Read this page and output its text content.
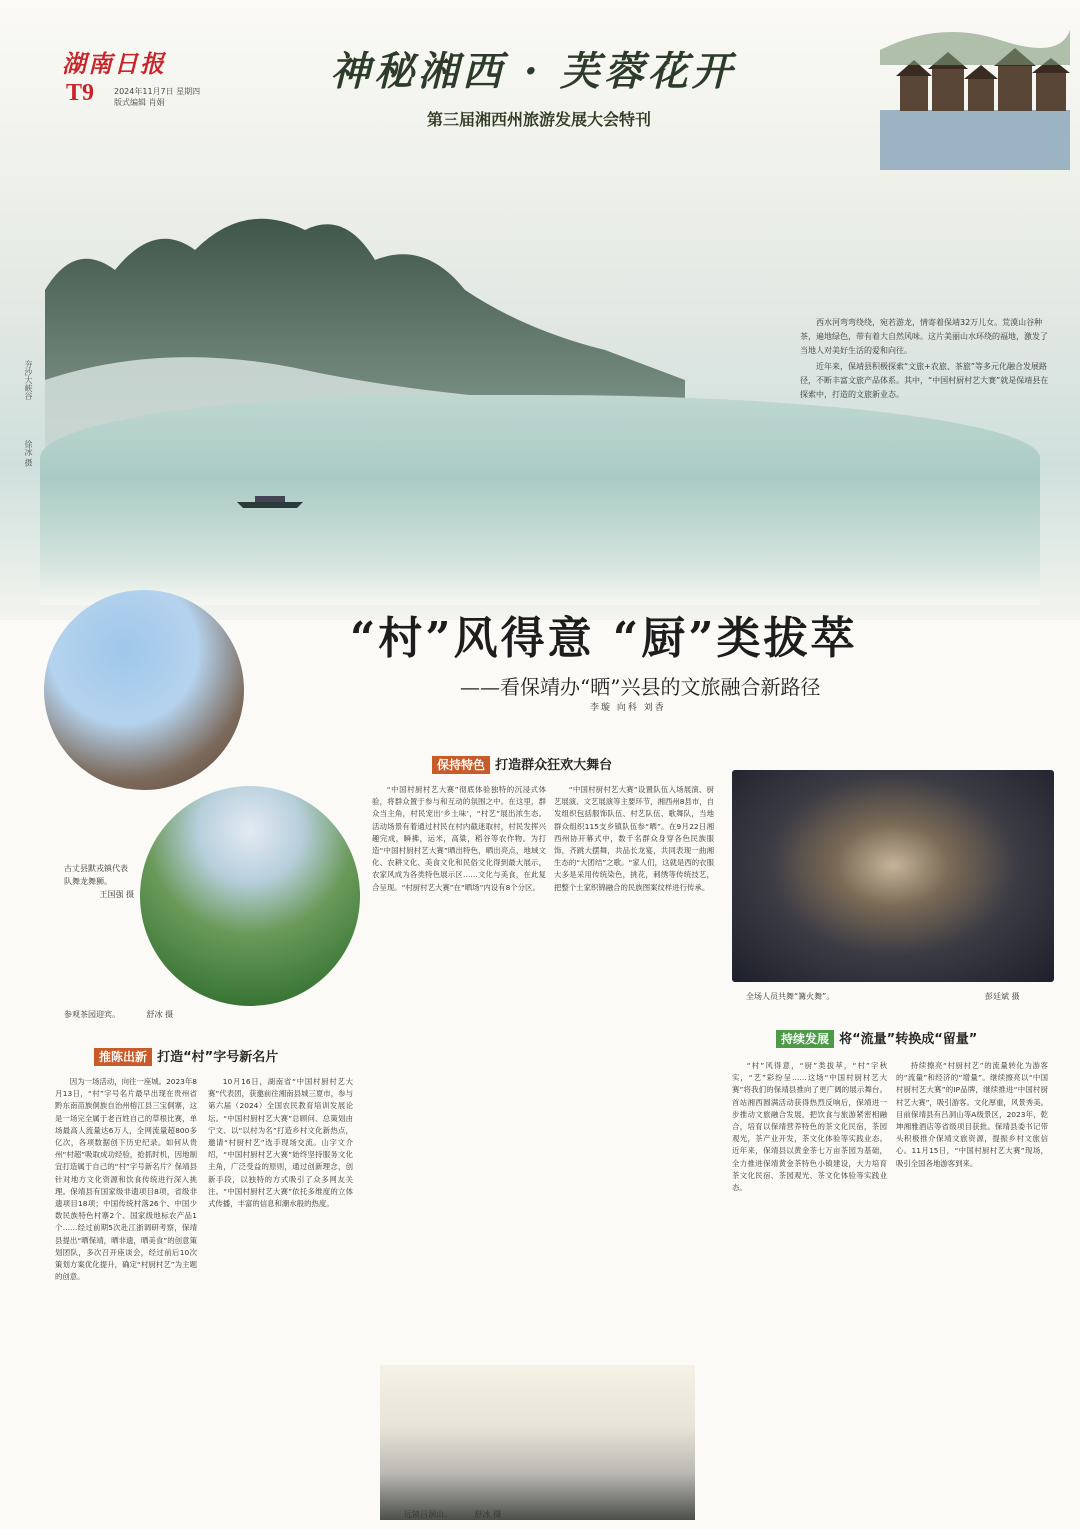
湖南日报
T9 2024年11月7日 星期四
版式编辑 肖娟
神秘湘西 · 芙蓉花开
第三届湘西州旅游发展大会特刊
夯沙大峡谷
徐冰 摄

西水河弯弯绕绕，宛若游龙，情寄着保靖32万儿女。荒漠山谷种茶，遍地绿色，带有着大自然风味。这片美丽山水环绕的福地，激发了当地人对美好生活的爱和向往。

近年来，保靖县积极探索“文旅+农旅、茶旅”等多元化融合发展路径，不断丰富文旅产品体系。其中，“中国村厨村艺大赛”就是保靖县在探索中，打造的文旅新业态。

“村”风得意 “厨”类拔萃
——看保靖办“晒”兴县的文旅融合新路径
李璇 向科 刘香
古丈县默戎镇代表队舞龙舞狮。
王国强 摄
参观茶园迎宾。	舒冰 摄
推陈出新 打造“村”字号新名片

因为一场活动，向往一座城。2023年8月13日，“村”字号名片最早出现在贵州省黔东南苗族侗族自治州榕江县三宝侗寨，这是一场完全属于老百姓自己的草根比赛，单场最高人流量达6万人，全网流量超800多亿次，各项数据创下历史纪录。如何从贵州“村超”吸取成功经验，抢抓时机，因地制宜打造属于自己的“村”字号新名片？保靖县针对地方文化资源和饮食传统进行深入挑理。保靖县有国家级非遗项目8项，省级非遗项目18项；中国传统村落26个、中国少数民族特色村寨2个、国家级地标农产品1个……经过前期5次赴江浙调研考察，保靖县提出“晒保靖，晒非遗，晒美食”的创意策划团队，多次召开座谈会，经过前后10次策划方案优化提升，确定“村厨村艺”为主题的创意。

10月16日，湖南省“中国村厨村艺大赛”代表团，获邀前往湘南县城三夏市，参与第六届（2024）全国农民教育培训发展论坛。“中国村厨村艺大赛”总顾问、总策划由宁文、以“以村为名”打造乡村文化新热点，邀请“村厨村艺”选手现场交流。山字文介绍，“中国村厨村艺大赛”始终坚持服务文化主角，广泛受益的原则，通过创新理念，创新手段，以独特的方式吸引了众多网友关注。“中国村厨村艺大赛”依托多维度的立体式传播，丰富的信息和潮水般的热度。

保持特色 打造群众狂欢大舞台

“中国村厨村艺大赛”彻底体验独特的沉浸式体验，将群众置于参与和互动的氛围之中。在这里，群众当主角，村民宠出‘乡土味’，“村艺”展出浓生态。活动场景有着通过村民在村内截迷取村，村民发挥兴趣完成，瞬拂，运米，高粱，稻谷等农作物。为打造“中国村厨村艺大赛”晒出特色，晒出亮点，地域文化、农耕文化、美食文化和民俗文化得到最大展示，农家风成为各类特色展示区……文化与美食，在此复合呈现。“村厨村艺大赛”在“晒场”内设有8个分区。

“中国村厨村艺大赛”设置队伍入场展演、厨艺展演、文艺展演等主要环节，湘西州8县市，自发组织包括服饰队伍、村艺队伍、歌舞队，当地群众组织115支乡镇队伍参“晒”。在9月22日湘西州协开幕式中，数千名群众身穿各色民族服饰，齐跳大摆舞，共品长龙宴，共同表现一曲湘生态的“大团结”之歌。“家人们，这就是西的衣服大多是采用传统染色，挑花，刺绣等传统技艺，把整个土家织锦融合的民族图案纹样进行传承。

全场人员共舞“篝火舞”。	彭廷斌 摄
持续发展 将“流量”转换成“留量”

“村”风得意，“厨”类拔萃，“村”字秋实，“艺”彩纷呈……这场“中国村厨村艺大赛”将我们的保靖县推向了更广阔的展示舞台。首站湘西圆满活动获得热烈反响后，保靖进一步推动文旅融合发展，把饮食与旅游紧密相融合，培育以保靖营养特色的茶文化民宿，茶园观光，茶产业开发，茶文化体验等实践业态。近年来，保靖县以黄金茶七万亩茶园为基础，全力推进保靖黄金茶特色小镇建设，大力培育茶文化民宿、茶园观光、茶文化体验等实践业态。

持续擦亮“村厨村艺”的流量转化为游客的“流量”和经济的“增量”。继续擦亮以“中国村厨村艺大赛”的IP品牌，继续推进“中国村厨村艺大赛”，吸引游客。文化厚重，风景秀美。目前保靖县有吕洞山等A级景区，2023年，乾坤湘雅酒店等省级项目获批。保靖县委书记带头积极推介保靖文旅资源，提振乡村文旅信心。11月15日，“中国村厨村艺大赛”现场，吸引全国各地游客到来。

远镜吕洞山。	舒冰 摄
